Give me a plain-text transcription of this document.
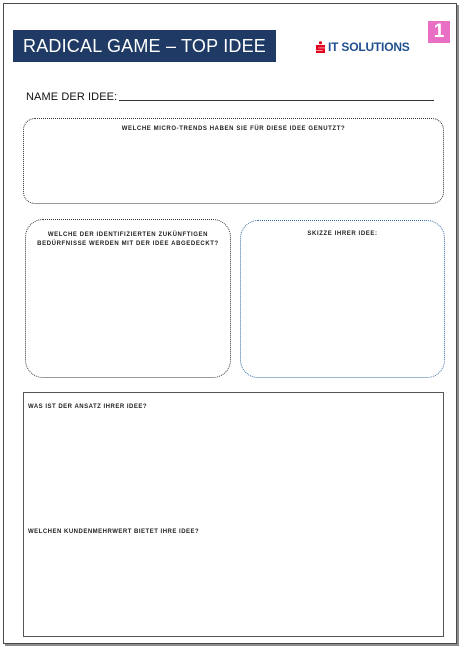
RADICAL GAME – TOP IDEE
1
IT SOLUTIONS
NAME DER IDEE:
WELCHE MICRO-TRENDS HABEN SIE FÜR DIESE IDEE GENUTZT?
WELCHE DER IDENTIFIZIERTEN ZUKÜNFTIGEN BEDÜRFNISSE WERDEN MIT DER IDEE ABGEDECKT?
SKIZZE IHRER IDEE:
WAS IST DER ANSATZ IHRER IDEE?
WELCHEN KUNDENMEHRWERT BIETET IHRE IDEE?
